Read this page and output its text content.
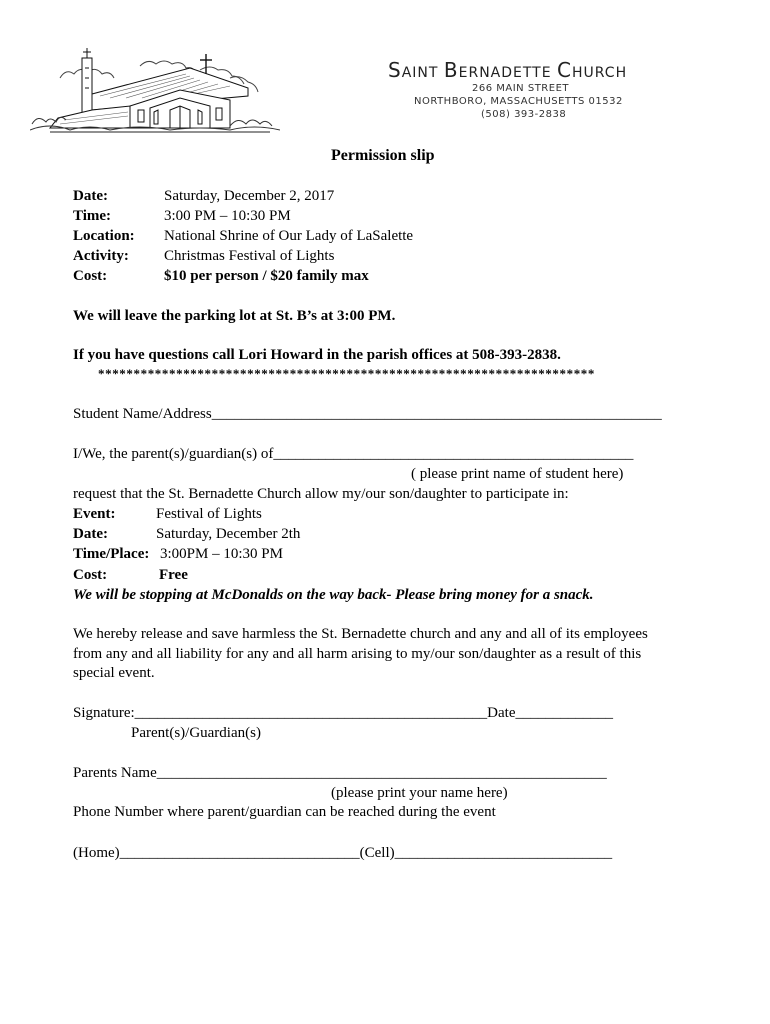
SAINT BERNADETTE CHURCH
266 MAIN STREET
NORTHBORO, MASSACHUSETTS 01532
(508) 393-2838
Permission slip
Date:	Saturday, December 2, 2017
Time:	3:00 PM – 10:30 PM
Location: National Shrine of Our Lady of LaSalette
Activity: Christmas Festival of Lights
Cost:	$10 per person / $20 family max
We will leave the parking lot at St. B’s at 3:00 PM.
If you have questions call Lori Howard in the parish offices at 508-393-2838.
**********************************************************************
Student Name/Address____________________________________________________________
I/We, the parent(s)/guardian(s) of________________________________________________
( please print name of student here)
request that the St. Bernadette Church allow my/our son/daughter to participate in:
Event:	Festival of Lights
Date:	Saturday, December 2th
Time/Place: 3:00PM – 10:30 PM
Cost:	Free
We will be stopping at McDonalds on the way back- Please bring money for a snack.
We hereby release and save harmless the St. Bernadette church and any and all of its employees
from any and all liability for any and all harm arising to my/our son/daughter as a result of this
special event.
Signature:_______________________________________________Date_____________
Parent(s)/Guardian(s)
Parents Name____________________________________________________________
(please print your name here)
Phone Number where parent/guardian can be reached during the event
(Home)________________________________(Cell)_____________________________
